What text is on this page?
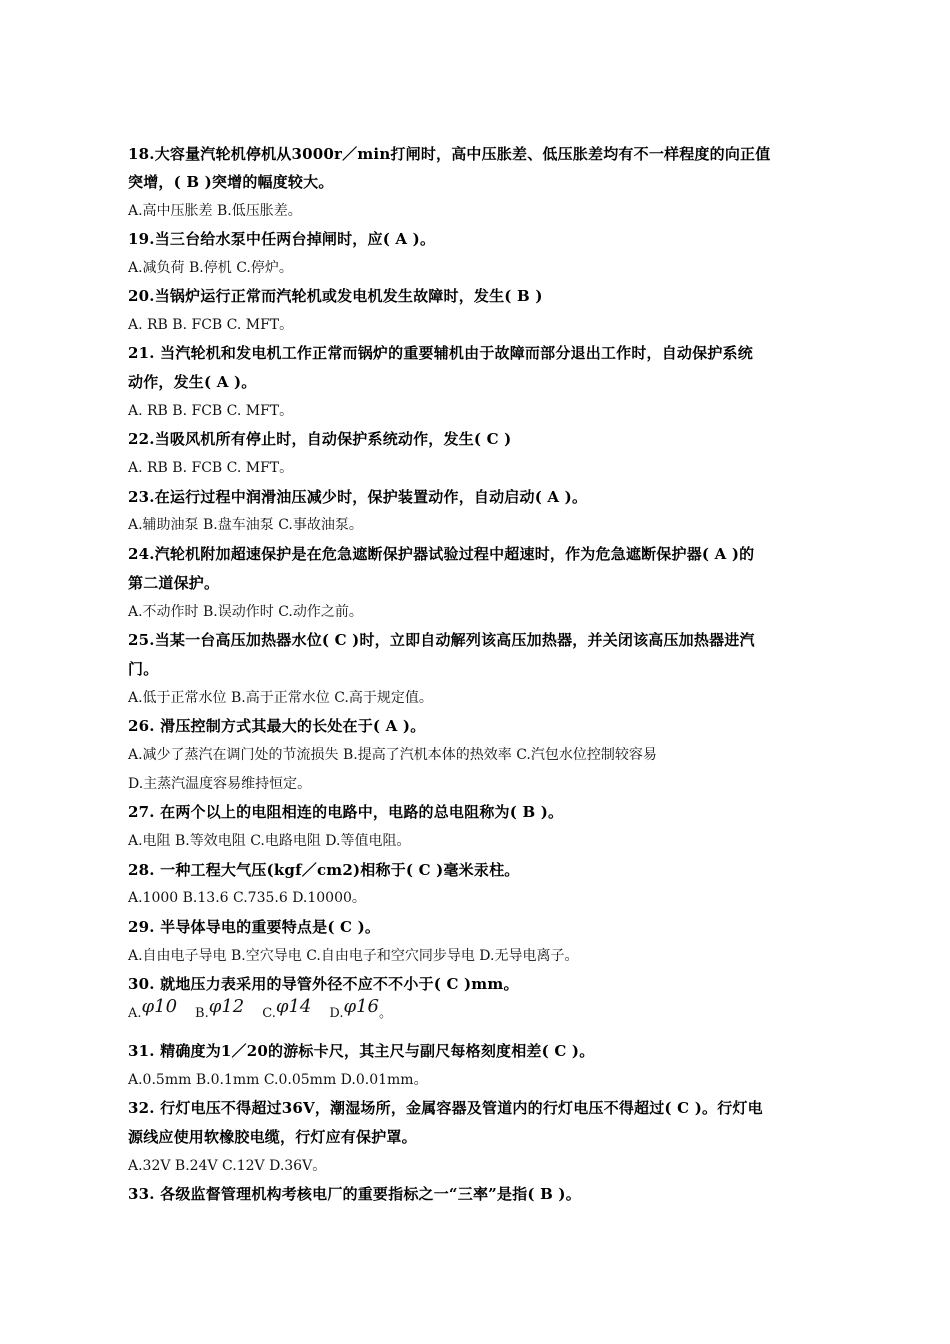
18.大容量汽轮机停机从3000r／min打闸时，高中压胀差、低压胀差均有不一样程度的向正值
突增，( B )突增的幅度较大。
A.高中压胀差 B.低压胀差。
19.当三台给水泵中任两台掉闸时，应( A )。
A.减负荷 B.停机 C.停炉。
20.当锅炉运行正常而汽轮机或发电机发生故障时，发生( B )
A. RB B. FCB C. MFT。
21. 当汽轮机和发电机工作正常而锅炉的重要辅机由于故障而部分退出工作时，自动保护系统
动作，发生( A )。
A. RB B. FCB C. MFT。
22.当吸风机所有停止时，自动保护系统动作，发生( C )
A. RB B. FCB C. MFT。
23.在运行过程中润滑油压减少时，保护装置动作，自动启动( A )。
A.辅助油泵 B.盘车油泵 C.事故油泵。
24.汽轮机附加超速保护是在危急遮断保护器试验过程中超速时，作为危急遮断保护器( A )的
第二道保护。
A.不动作时 B.误动作时 C.动作之前。
25.当某一台高压加热器水位( C )时，立即自动解列该高压加热器，并关闭该高压加热器进汽
门。
A.低于正常水位 B.高于正常水位 C.高于规定值。
26. 滑压控制方式其最大的长处在于( A )。
A.减少了蒸汽在调门处的节流损失 B.提高了汽机本体的热效率 C.汽包水位控制较容易
D.主蒸汽温度容易维持恒定。
27. 在两个以上的电阻相连的电路中，电路的总电阻称为( B )。
A.电阻 B.等效电阻 C.电路电阻 D.等值电阻。
28. 一种工程大气压(kgf／cm2)相称于( C )毫米汞柱。
A.1000 B.13.6 C.735.6 D.10000。
29. 半导体导电的重要特点是( C )。
A.自由电子导电 B.空穴导电 C.自由电子和空穴同步导电 D.无导电离子。
30. 就地压力表采用的导管外径不应不不小于( C )mm。
A.φ10 B.φ12 C.φ14 D.φ16。
31. 精确度为1／20的游标卡尺，其主尺与副尺每格刻度相差( C )。
A.0.5mm B.0.1mm C.0.05mm D.0.01mm。
32. 行灯电压不得超过36V，潮湿场所，金属容器及管道内的行灯电压不得超过( C )。行灯电
源线应使用软橡胶电缆，行灯应有保护罩。
A.32V B.24V C.12V D.36V。
33. 各级监督管理机构考核电厂的重要指标之一“三率”是指( B )。
